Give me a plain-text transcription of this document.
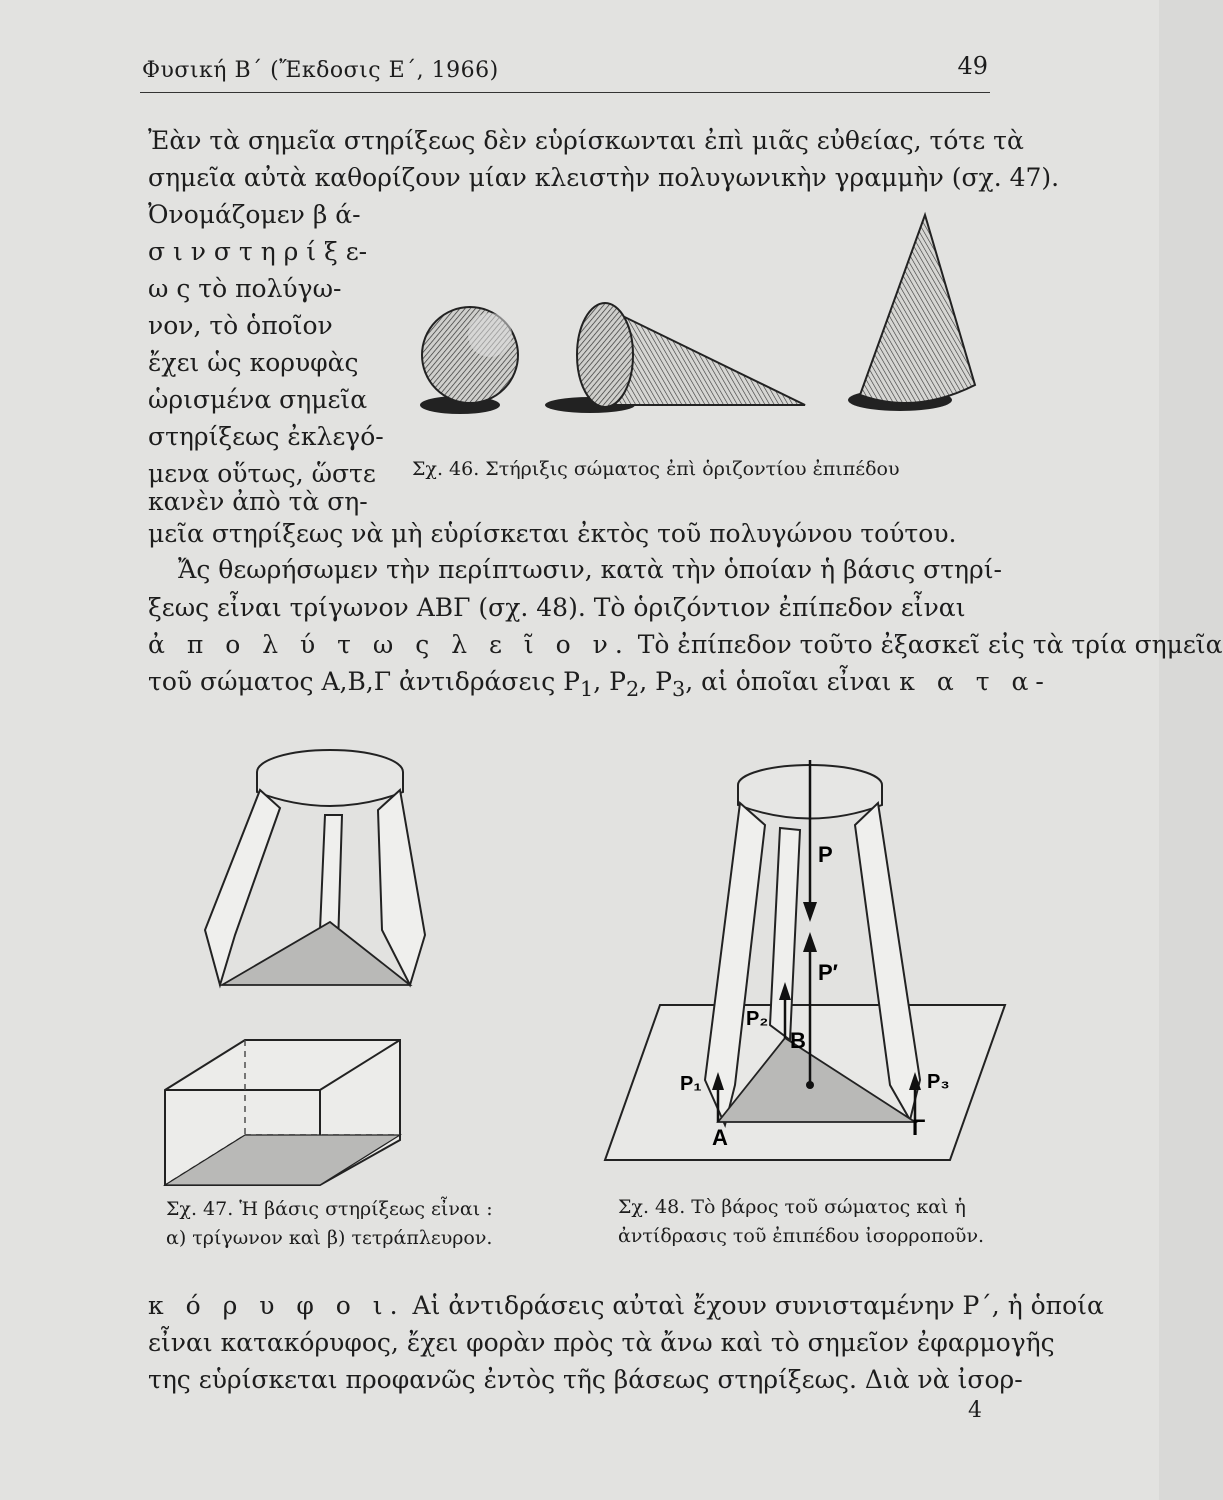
Φυσική Β΄ (Ἔκδοσις Ε΄, 1966)	49
Ἐὰν τὰ σημεῖα στηρίξεως δὲν εὑρίσκωνται ἐπὶ μιᾶς εὐθείας, τότε τὰ
σημεῖα αὐτὰ καθορίζουν μίαν κλειστὴν πολυγωνικὴν γραμμὴν (σχ. 47).
Ὀνομάζομεν β ά-
σ ι ν σ τ η ρ ί ξ ε-
ω ς τὸ πολύγω-
νον, τὸ ὁποῖον
ἔχει ὡς κορυφὰς
ὡρισμένα σημεῖα
στηρίξεως ἐκλεγό-
μενα οὕτως, ὥστε
κανὲν ἀπὸ τὰ ση-
μεῖα στηρίξεως νὰ μὴ εὑρίσκεται ἐκτὸς τοῦ πολυγώνου τούτου.
Ἄς θεωρήσωμεν τὴν περίπτωσιν, κατὰ τὴν ὁποίαν ἡ βάσις στηρί-
ξεως εἶναι τρίγωνον ΑΒΓ (σχ. 48). Τὸ ὁριζόντιον ἐπίπεδον εἶναι
ἀ π ο λ ύ τ ω ς λ ε ῖ ο ν. Τὸ ἐπίπεδον τοῦτο ἐξασκεῖ εἰς τὰ τρία σημεῖα
τοῦ σώματος Α,Β,Γ ἀντιδράσεις $P_1$, $P_2$, $P_3$, αἱ ὁποῖαι εἶναι κ α τ α-
Σχ. 46. Στήριξις σώματος ἐπὶ ὁριζοντίου ἐπιπέδου
Σχ. 47. Ἡ βάσις στηρίξεως εἶναι :
α) τρίγωνον καὶ β) τετράπλευρον.
P
P′
P₁
P₂
P₃
A
B
Γ
Σχ. 48. Τὸ βάρος τοῦ σώματος καὶ ἡ
ἀντίδρασις τοῦ ἐπιπέδου ἰσορροποῦν.
κ ό ρ υ φ ο ι. Αἱ ἀντιδράσεις αὐταὶ ἔχουν συνισταμένην P΄, ἡ ὁποία
εἶναι κατακόρυφος, ἔχει φορὰν πρὸς τὰ ἄνω καὶ τὸ σημεῖον ἐφαρμογῆς
της εὑρίσκεται προφανῶς ἐντὸς τῆς βάσεως στηρίξεως. Διὰ νὰ ἰσορ-
4
